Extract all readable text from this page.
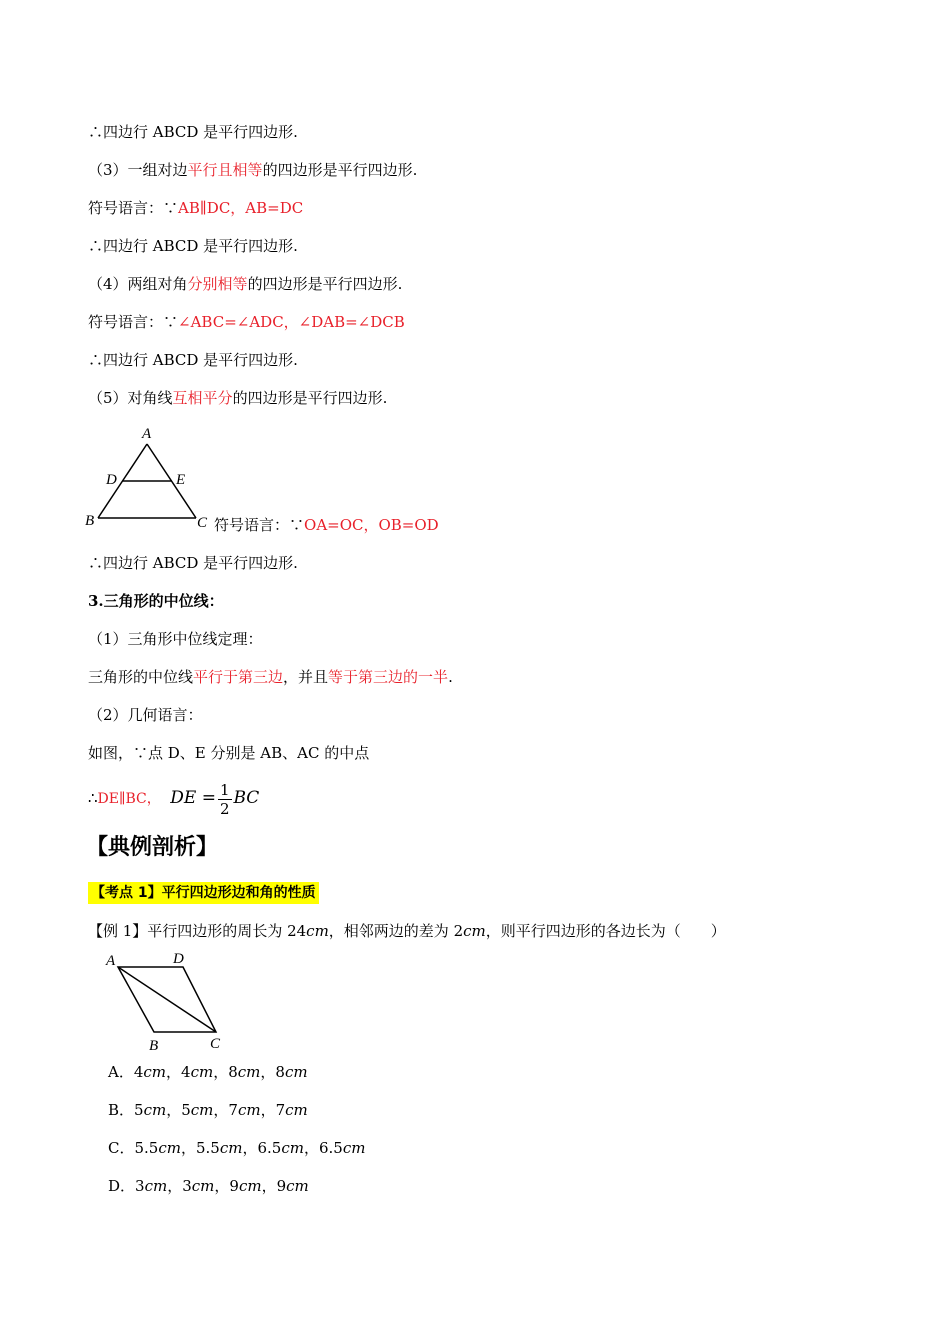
∴四边行 ABCD 是平行四边形.
（3）一组对边平行且相等的四边形是平行四边形.
符号语言：∵AB∥DC，AB=DC
∴四边行 ABCD 是平行四边形.
（4）两组对角分别相等的四边形是平行四边形.
符号语言：∵∠ABC=∠ADC，∠DAB=∠DCB
∴四边行 ABCD 是平行四边形.
（5）对角线互相平分的四边形是平行四边形.
A
D	E
B	C 符号语言：∵OA=OC，OB=OD
∴四边行 ABCD 是平行四边形.
3.三角形的中位线：
（1）三角形中位线定理：
三角形的中位线平行于第三边，并且等于第三边的一半.
（2）几何语言：
如图，∵点 D、E 分别是 AB、AC 的中点
∴DE∥BC， DE = $\frac{1}{2}$ BC
【典例剖析】
【考点 1】平行四边形边和角的性质
【例 1】平行四边形的周长为 24cm，相邻两边的差为 2cm，则平行四边形的各边长为（　　）
A	D
B	C
A．4cm，4cm，8cm，8cm
B．5cm，5cm，7cm，7cm
C．5.5cm，5.5cm，6.5cm，6.5cm
D．3cm，3cm，9cm，9cm
